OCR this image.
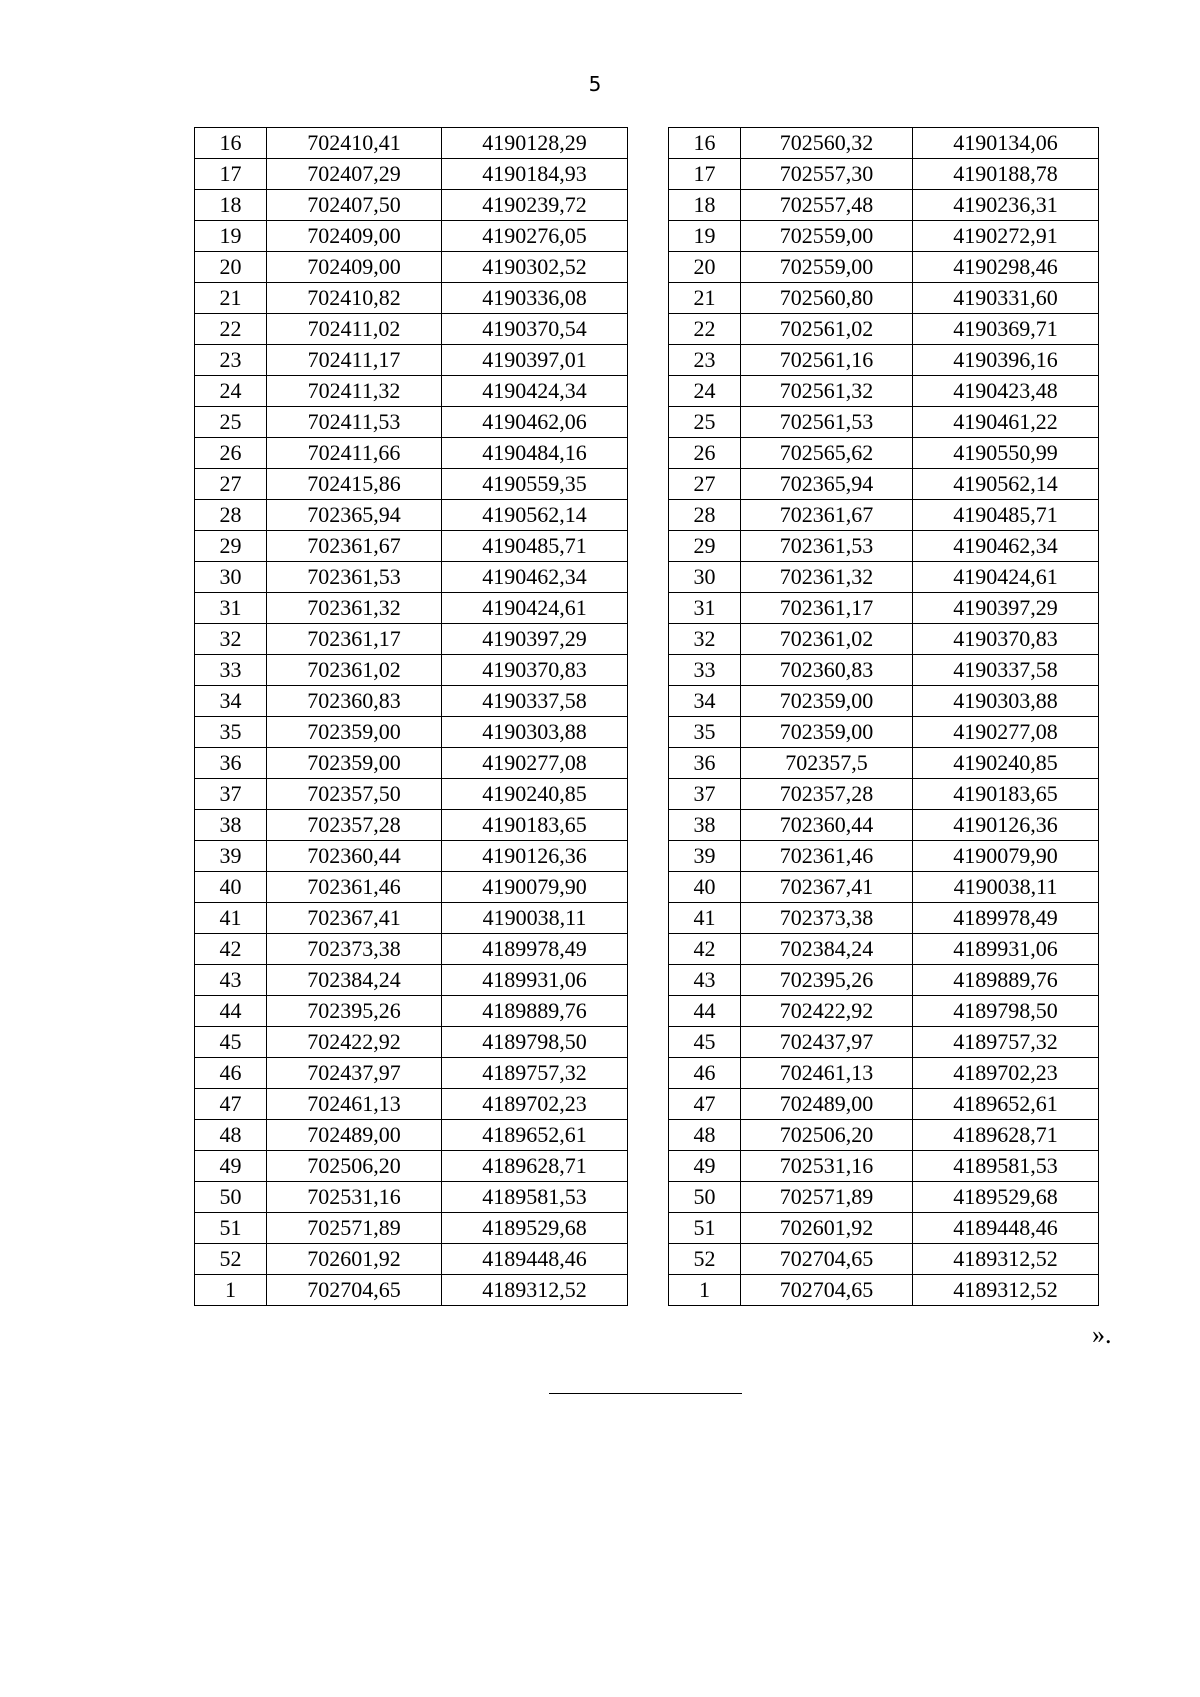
5
16	702410,41	4190128,29
17	702407,29	4190184,93
18	702407,50	4190239,72
19	702409,00	4190276,05
20	702409,00	4190302,52
21	702410,82	4190336,08
22	702411,02	4190370,54
23	702411,17	4190397,01
24	702411,32	4190424,34
25	702411,53	4190462,06
26	702411,66	4190484,16
27	702415,86	4190559,35
28	702365,94	4190562,14
29	702361,67	4190485,71
30	702361,53	4190462,34
31	702361,32	4190424,61
32	702361,17	4190397,29
33	702361,02	4190370,83
34	702360,83	4190337,58
35	702359,00	4190303,88
36	702359,00	4190277,08
37	702357,50	4190240,85
38	702357,28	4190183,65
39	702360,44	4190126,36
40	702361,46	4190079,90
41	702367,41	4190038,11
42	702373,38	4189978,49
43	702384,24	4189931,06
44	702395,26	4189889,76
45	702422,92	4189798,50
46	702437,97	4189757,32
47	702461,13	4189702,23
48	702489,00	4189652,61
49	702506,20	4189628,71
50	702531,16	4189581,53
51	702571,89	4189529,68
52	702601,92	4189448,46
1	702704,65	4189312,52
16	702560,32	4190134,06
17	702557,30	4190188,78
18	702557,48	4190236,31
19	702559,00	4190272,91
20	702559,00	4190298,46
21	702560,80	4190331,60
22	702561,02	4190369,71
23	702561,16	4190396,16
24	702561,32	4190423,48
25	702561,53	4190461,22
26	702565,62	4190550,99
27	702365,94	4190562,14
28	702361,67	4190485,71
29	702361,53	4190462,34
30	702361,32	4190424,61
31	702361,17	4190397,29
32	702361,02	4190370,83
33	702360,83	4190337,58
34	702359,00	4190303,88
35	702359,00	4190277,08
36	702357,5	4190240,85
37	702357,28	4190183,65
38	702360,44	4190126,36
39	702361,46	4190079,90
40	702367,41	4190038,11
41	702373,38	4189978,49
42	702384,24	4189931,06
43	702395,26	4189889,76
44	702422,92	4189798,50
45	702437,97	4189757,32
46	702461,13	4189702,23
47	702489,00	4189652,61
48	702506,20	4189628,71
49	702531,16	4189581,53
50	702571,89	4189529,68
51	702601,92	4189448,46
52	702704,65	4189312,52
1	702704,65	4189312,52
».
